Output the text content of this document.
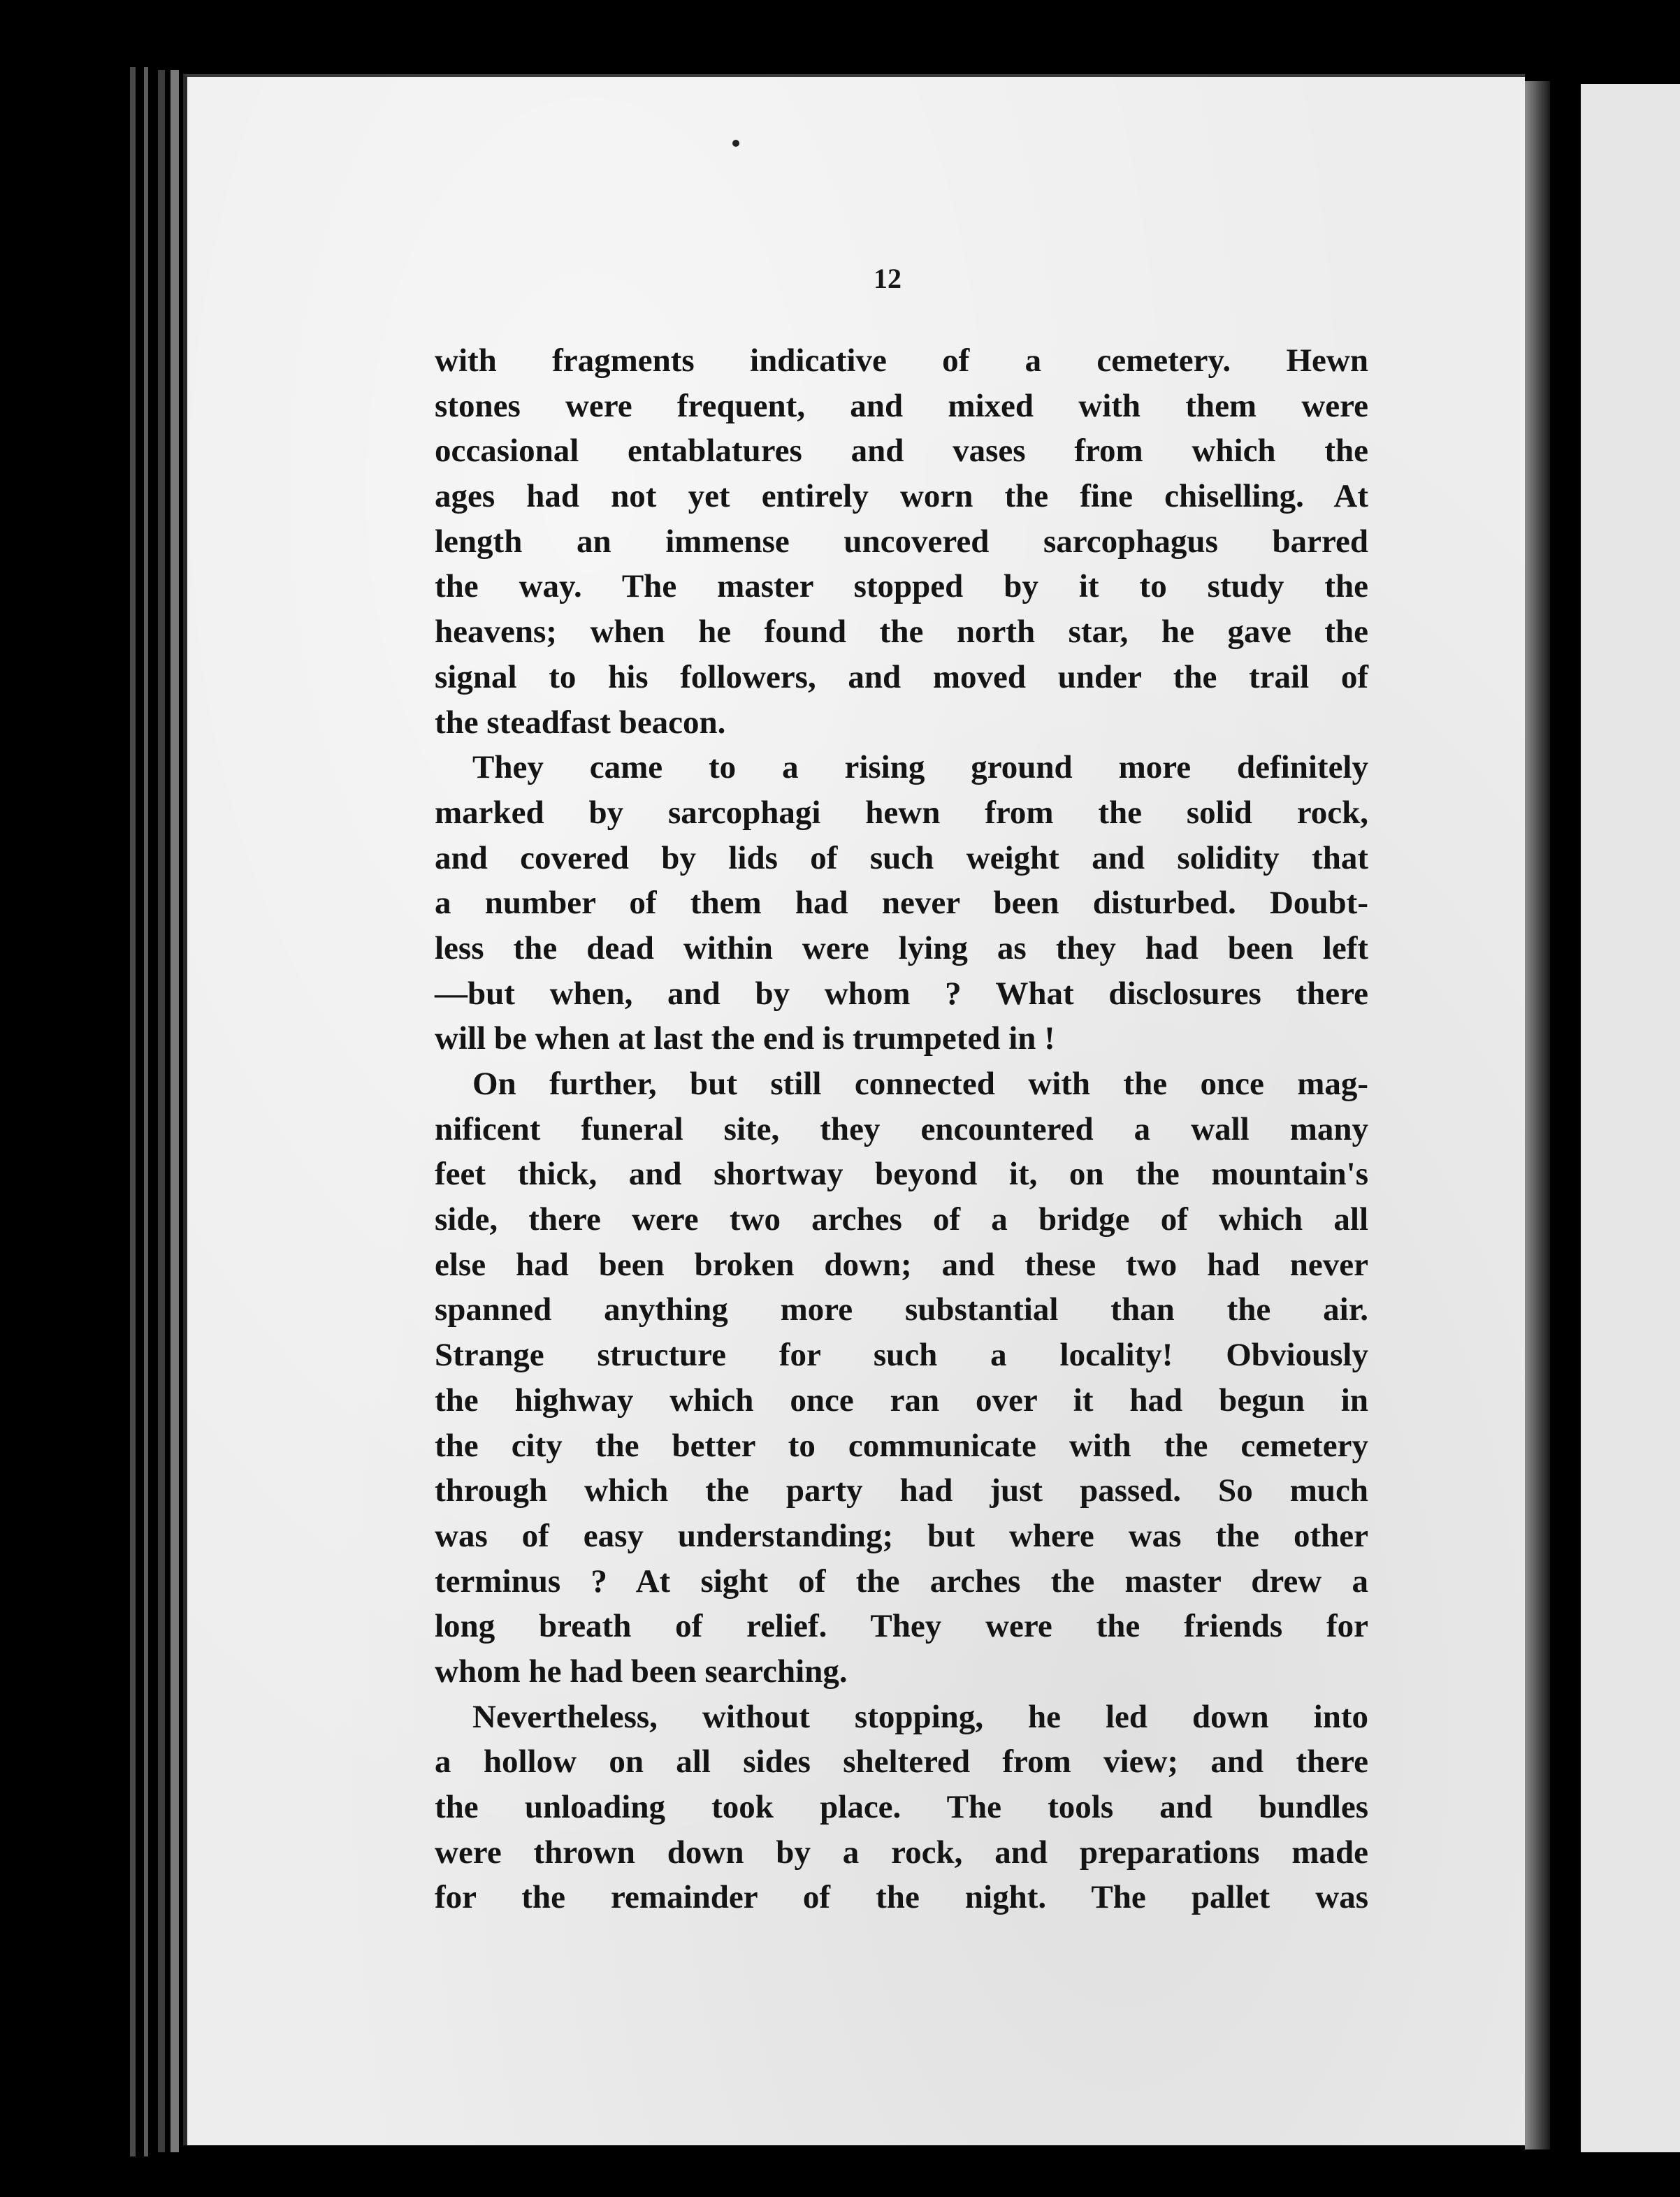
12
with fragments indicative of a cemetery. Hewn
stones were frequent, and mixed with them were
occasional entablatures and vases from which the
ages had not yet entirely worn the fine chiselling. At
length an immense uncovered sarcophagus barred
the way. The master stopped by it to study the
heavens; when he found the north star, he gave the
signal to his followers, and moved under the trail of
the steadfast beacon.
They came to a rising ground more definitely
marked by sarcophagi hewn from the solid rock,
and covered by lids of such weight and solidity that
a number of them had never been disturbed. Doubt-
less the dead within were lying as they had been left
—but when, and by whom ? What disclosures there
will be when at last the end is trumpeted in !
On further, but still connected with the once mag-
nificent funeral site, they encountered a wall many
feet thick, and shortway beyond it, on the mountain's
side, there were two arches of a bridge of which all
else had been broken down; and these two had never
spanned anything more substantial than the air.
Strange structure for such a locality! Obviously
the highway which once ran over it had begun in
the city the better to communicate with the cemetery
through which the party had just passed. So much
was of easy understanding; but where was the other
terminus ? At sight of the arches the master drew a
long breath of relief. They were the friends for
whom he had been searching.
Nevertheless, without stopping, he led down into
a hollow on all sides sheltered from view; and there
the unloading took place. The tools and bundles
were thrown down by a rock, and preparations made
for the remainder of the night. The pallet was
